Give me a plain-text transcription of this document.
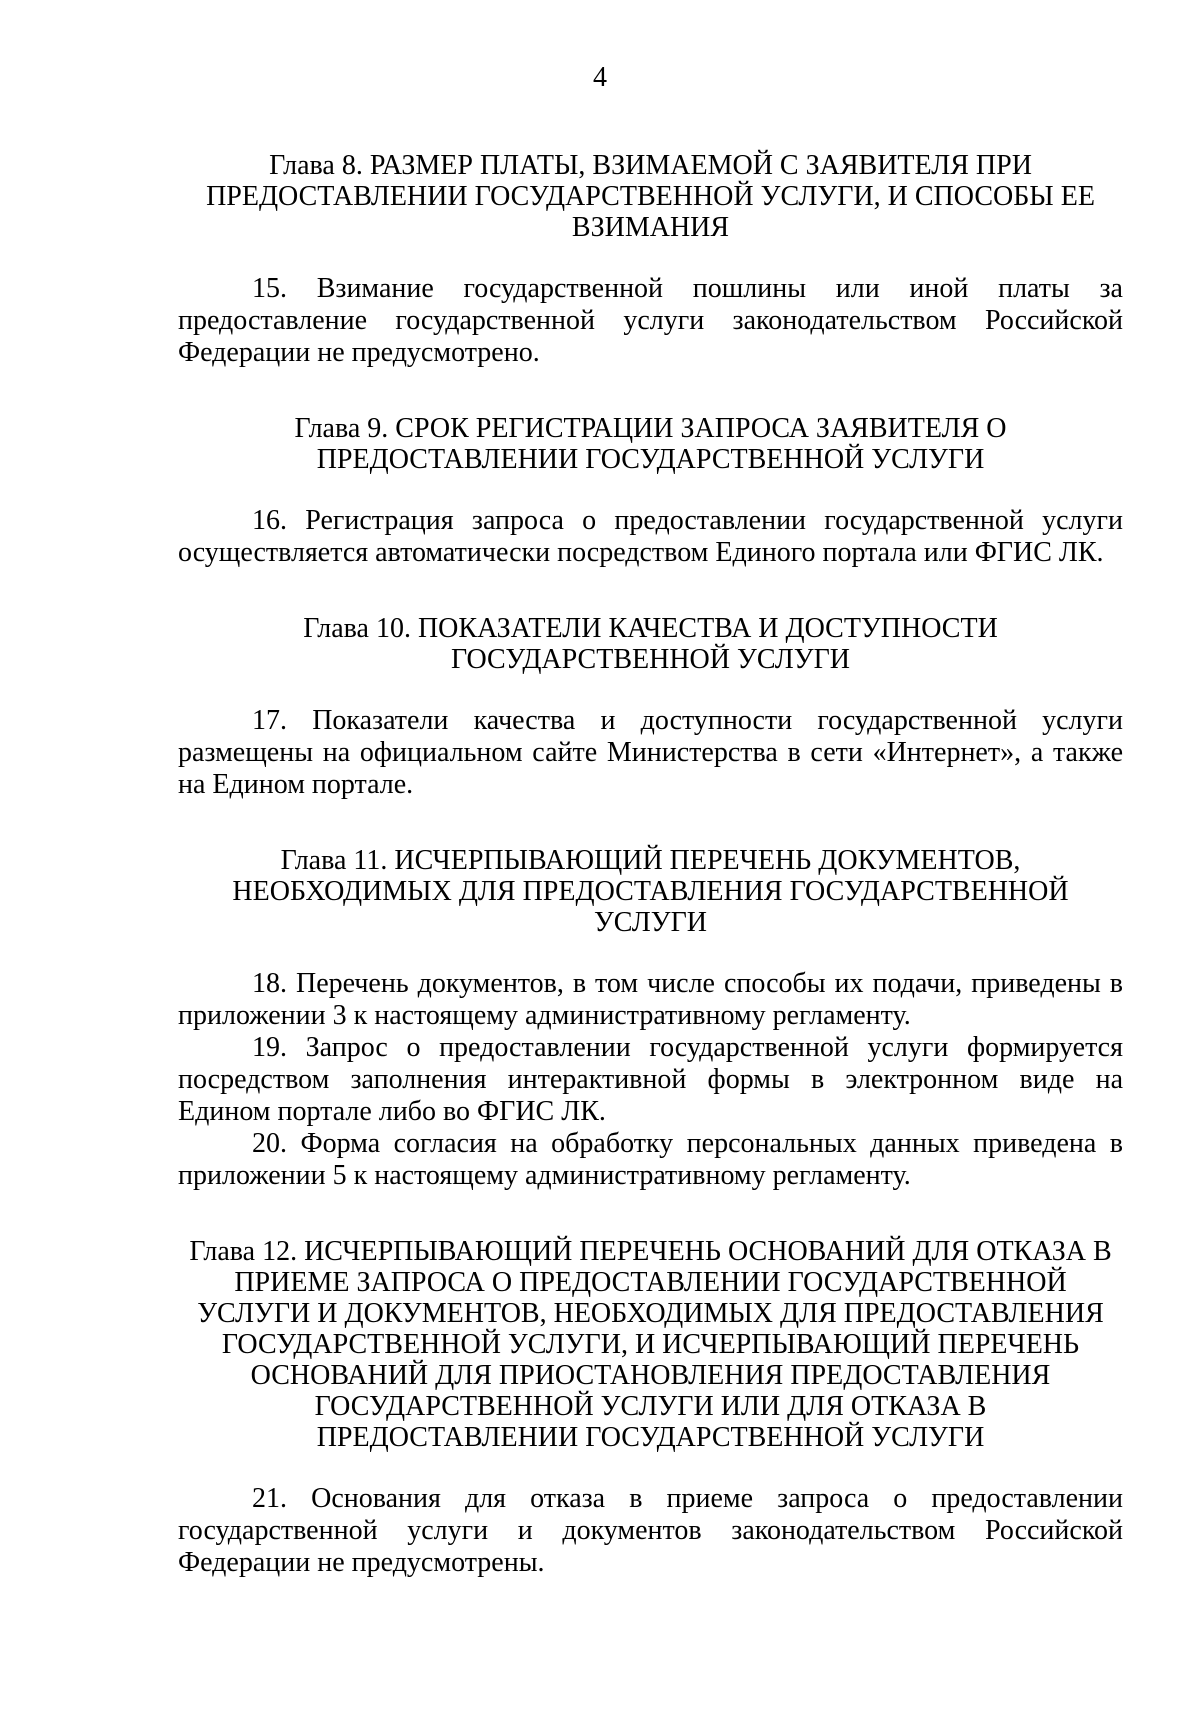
4
Глава 8. РАЗМЕР ПЛАТЫ, ВЗИМАЕМОЙ С ЗАЯВИТЕЛЯ ПРИ
ПРЕДОСТАВЛЕНИИ ГОСУДАРСТВЕННОЙ УСЛУГИ, И СПОСОБЫ ЕЕ
ВЗИМАНИЯ

15. Взимание государственной пошлины или иной платы за предоставление государственной услуги законодательством Российской Федерации не предусмотрено.

Глава 9. СРОК РЕГИСТРАЦИИ ЗАПРОСА ЗАЯВИТЕЛЯ О
ПРЕДОСТАВЛЕНИИ ГОСУДАРСТВЕННОЙ УСЛУГИ

16. Регистрация запроса о предоставлении государственной услуги осуществляется автоматически посредством Единого портала или ФГИС ЛК.

Глава 10. ПОКАЗАТЕЛИ КАЧЕСТВА И ДОСТУПНОСТИ
ГОСУДАРСТВЕННОЙ УСЛУГИ

17. Показатели качества и доступности государственной услуги размещены на официальном сайте Министерства в сети «Интернет», а также на Едином портале.

Глава 11. ИСЧЕРПЫВАЮЩИЙ ПЕРЕЧЕНЬ ДОКУМЕНТОВ,
НЕОБХОДИМЫХ ДЛЯ ПРЕДОСТАВЛЕНИЯ ГОСУДАРСТВЕННОЙ
УСЛУГИ

18. Перечень документов, в том числе способы их подачи, приведены в приложении 3 к настоящему административному регламенту.

19. Запрос о предоставлении государственной услуги формируется посредством заполнения интерактивной формы в электронном виде на Едином портале либо во ФГИС ЛК.

20. Форма согласия на обработку персональных данных приведена в приложении 5 к настоящему административному регламенту.

Глава 12. ИСЧЕРПЫВАЮЩИЙ ПЕРЕЧЕНЬ ОСНОВАНИЙ ДЛЯ ОТКАЗА В
ПРИЕМЕ ЗАПРОСА О ПРЕДОСТАВЛЕНИИ ГОСУДАРСТВЕННОЙ
УСЛУГИ И ДОКУМЕНТОВ, НЕОБХОДИМЫХ ДЛЯ ПРЕДОСТАВЛЕНИЯ
ГОСУДАРСТВЕННОЙ УСЛУГИ, И ИСЧЕРПЫВАЮЩИЙ ПЕРЕЧЕНЬ
ОСНОВАНИЙ ДЛЯ ПРИОСТАНОВЛЕНИЯ ПРЕДОСТАВЛЕНИЯ
ГОСУДАРСТВЕННОЙ УСЛУГИ ИЛИ ДЛЯ ОТКАЗА В
ПРЕДОСТАВЛЕНИИ ГОСУДАРСТВЕННОЙ УСЛУГИ

21. Основания для отказа в приеме запроса о предоставлении государственной услуги и документов законодательством Российской Федерации не предусмотрены.
